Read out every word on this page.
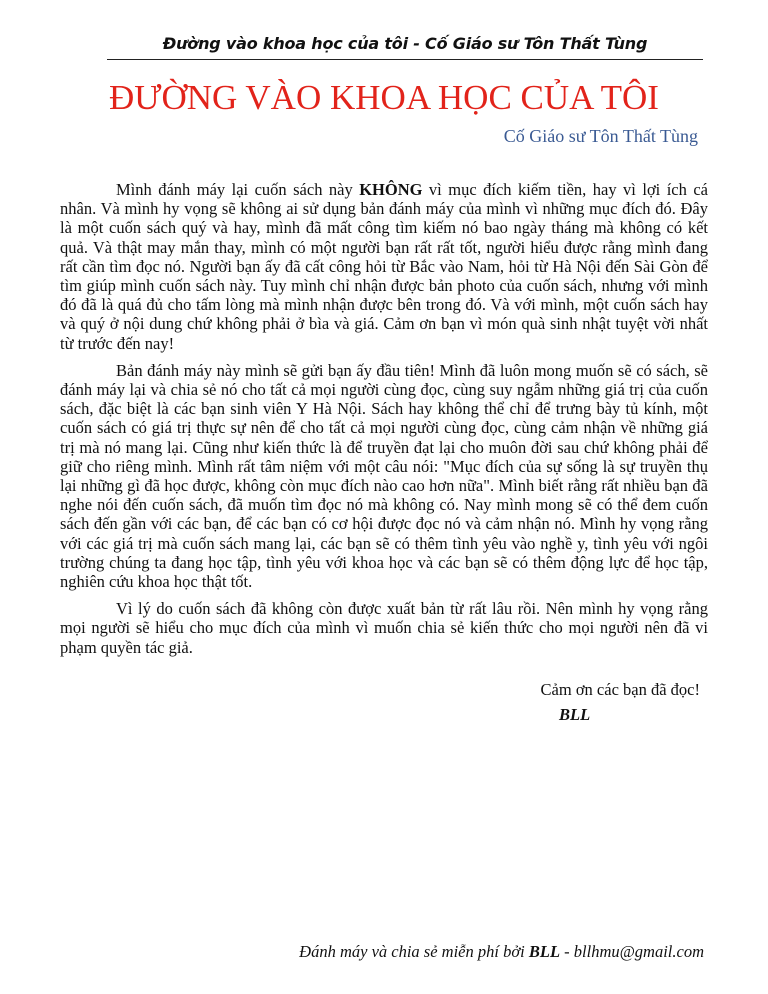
Đường vào khoa học của tôi - Cố Giáo sư Tôn Thất Tùng
ĐƯỜNG VÀO KHOA HỌC CỦA TÔI
Cố Giáo sư Tôn Thất Tùng

Mình đánh máy lại cuốn sách này KHÔNG vì mục đích kiếm tiền, hay vì lợi ích cá nhân. Và mình hy vọng sẽ không ai sử dụng bản đánh máy của mình vì những mục đích đó. Đây là một cuốn sách quý và hay, mình đã mất công tìm kiếm nó bao ngày tháng mà không có kết quả. Và thật may mắn thay, mình có một người bạn rất rất tốt, người hiểu được rằng mình đang rất cần tìm đọc nó. Người bạn ấy đã cất công hỏi từ Bắc vào Nam, hỏi từ Hà Nội đến Sài Gòn để tìm giúp mình cuốn sách này. Tuy mình chỉ nhận được bản photo của cuốn sách, nhưng với mình đó đã là quá đủ cho tấm lòng mà mình nhận được bên trong đó. Và với mình, một cuốn sách hay và quý ở nội dung chứ không phải ở bìa và giá. Cảm ơn bạn vì món quà sinh nhật tuyệt vời nhất từ trước đến nay!

Bản đánh máy này mình sẽ gửi bạn ấy đầu tiên! Mình đã luôn mong muốn sẽ có sách, sẽ đánh máy lại và chia sẻ nó cho tất cả mọi người cùng đọc, cùng suy ngẫm những giá trị của cuốn sách, đặc biệt là các bạn sinh viên Y Hà Nội. Sách hay không thể chỉ để trưng bày tủ kính, một cuốn sách có giá trị thực sự nên để cho tất cả mọi người cùng đọc, cùng cảm nhận về những giá trị mà nó mang lại. Cũng như kiến thức là để truyền đạt lại cho muôn đời sau chứ không phải để giữ cho riêng mình. Mình rất tâm niệm với một câu nói: "Mục đích của sự sống là sự truyền thụ lại những gì đã học được, không còn mục đích nào cao hơn nữa". Mình biết rằng rất nhiều bạn đã nghe nói đến cuốn sách, đã muốn tìm đọc nó mà không có. Nay mình mong sẽ có thể đem cuốn sách đến gần với các bạn, để các bạn có cơ hội được đọc nó và cảm nhận nó. Mình hy vọng rằng với các giá trị mà cuốn sách mang lại, các bạn sẽ có thêm tình yêu vào nghề y, tình yêu với ngôi trường chúng ta đang học tập, tình yêu với khoa học và các bạn sẽ có thêm động lực để học tập, nghiên cứu khoa học thật tốt.

Vì lý do cuốn sách đã không còn được xuất bản từ rất lâu rồi. Nên mình hy vọng rằng mọi người sẽ hiểu cho mục đích của mình vì muốn chia sẻ kiến thức cho mọi người nên đã vi phạm quyền tác giả.

Cảm ơn các bạn đã đọc!
BLL
Đánh máy và chia sẻ miễn phí bởi BLL - bllhmu@gmail.com
